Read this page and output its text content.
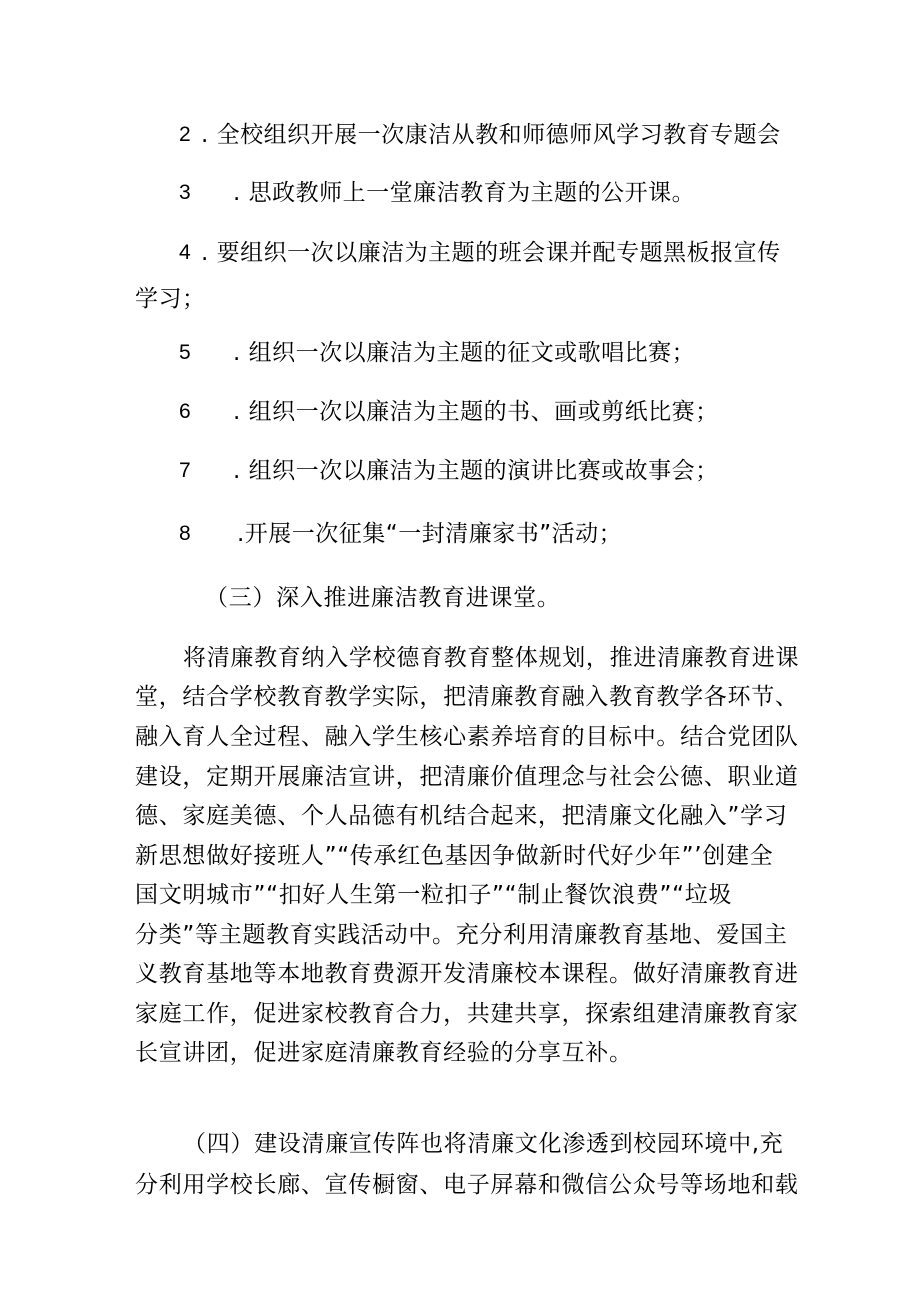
2 . 全校组织开展一次康洁从教和师德师风学习教育专题会
3 . 思政教师上一堂廉洁教育为主题的公开课。
4 . 要组织一次以廉洁为主题的班会课并配专题黑板报宣传
学习；
5 . 组织一次以廉洁为主题的征文或歌唱比赛；
6 . 组织一次以廉洁为主题的书、画或剪纸比赛；
7 . 组织一次以廉洁为主题的演讲比赛或故事会；
8 .开展一次征集“一封清廉家书”活动；
（三）深入推进廉洁教育进课堂。
将清廉教育纳入学校德育教育整体规划，推进清廉教育进课
堂，结合学校教育教学实际，把清廉教育融入教育教学各环节、
融入育人全过程、融入学生核心素养培育的目标中。结合党团队
建设，定期开展廉洁宣讲，把清廉价值理念与社会公德、职业道
德、家庭美德、个人品德有机结合起来，把清廉文化融入”学习
新思想做好接班人”“传承红色基因争做新时代好少年”’创建全
国文明城市”“扣好人生第一粒扣子”“制止餐饮浪费”“垃圾
分类”等主题教育实践活动中。充分利用清廉教育基地、爱国主
义教育基地等本地教育费源开发清廉校本课程。做好清廉教育进
家庭工作，促进家校教育合力，共建共享，探索组建清廉教育家
长宣讲团，促进家庭清廉教育经验的分享互补。
（四）建设清廉宣传阵也将清廉文化渗透到校园环境中,充
分利用学校长廊、宣传橱窗、电子屏幕和微信公众号等场地和载
